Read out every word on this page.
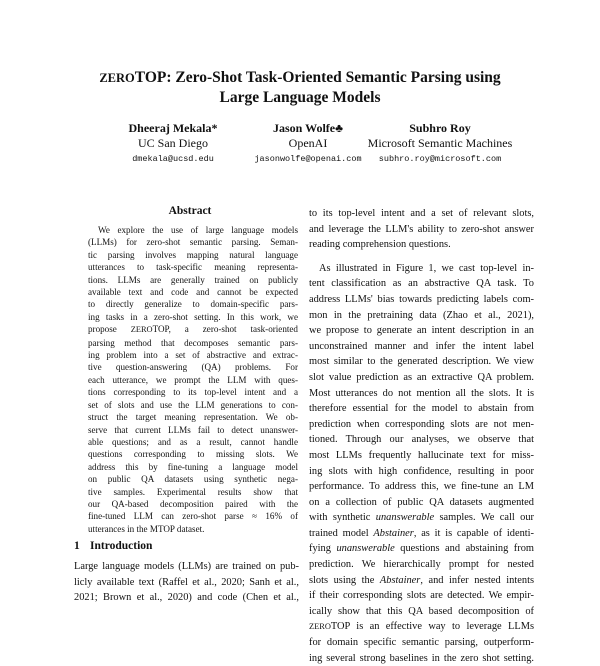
ZEROTOP: Zero-Shot Task-Oriented Semantic Parsing using
Large Language Models
Dheeraj Mekala*
UC San Diego
dmekala@ucsd.edu
Jason Wolfe♣
OpenAI
jasonwolfe@openai.com
Subhro Roy
Microsoft Semantic Machines
subhro.roy@microsoft.com
Abstract
We explore the use of large language models
(LLMs) for zero-shot semantic parsing. Seman-
tic parsing involves mapping natural language
utterances to task-specific meaning representa-
tions. LLMs are generally trained on publicly
available text and code and cannot be expected
to directly generalize to domain-specific pars-
ing tasks in a zero-shot setting. In this work, we
propose ZEROTOP, a zero-shot task-oriented
parsing method that decomposes semantic pars-
ing problem into a set of abstractive and extrac-
tive question-answering (QA) problems. For
each utterance, we prompt the LLM with ques-
tions corresponding to its top-level intent and a
set of slots and use the LLM generations to con-
struct the target meaning representation. We ob-
serve that current LLMs fail to detect unanswer-
able questions; and as a result, cannot handle
questions corresponding to missing slots. We
address this by fine-tuning a language model
on public QA datasets using synthetic nega-
tive samples. Experimental results show that
our QA-based decomposition paired with the
fine-tuned LLM can zero-shot parse ≈ 16% of
utterances in the MTOP dataset.
1 Introduction
Large language models (LLMs) are trained on pub-
licly available text (Raffel et al., 2020; Sanh et al.,
2021; Brown et al., 2020) and code (Chen et al.,
to its top-level intent and a set of relevant slots,
and leverage the LLM's ability to zero-shot answer
reading comprehension questions.
As illustrated in Figure 1, we cast top-level in-
tent classification as an abstractive QA task. To
address LLMs' bias towards predicting labels com-
mon in the pretraining data (Zhao et al., 2021),
we propose to generate an intent description in an
unconstrained manner and infer the intent label
most similar to the generated description. We view
slot value prediction as an extractive QA problem.
Most utterances do not mention all the slots. It is
therefore essential for the model to abstain from
prediction when corresponding slots are not men-
tioned. Through our analyses, we observe that
most LLMs frequently hallucinate text for miss-
ing slots with high confidence, resulting in poor
performance. To address this, we fine-tune an LM
on a collection of public QA datasets augmented
with synthetic unanswerable samples. We call our
trained model Abstainer, as it is capable of identi-
fying unanswerable questions and abstaining from
prediction. We hierarchically prompt for nested
slots using the Abstainer, and infer nested intents
if their corresponding slots are detected. We empir-
ically show that this QA based decomposition of
ZEROTOP is an effective way to leverage LLMs
for domain specific semantic parsing, outperform-
ing several strong baselines in the zero shot setting.
